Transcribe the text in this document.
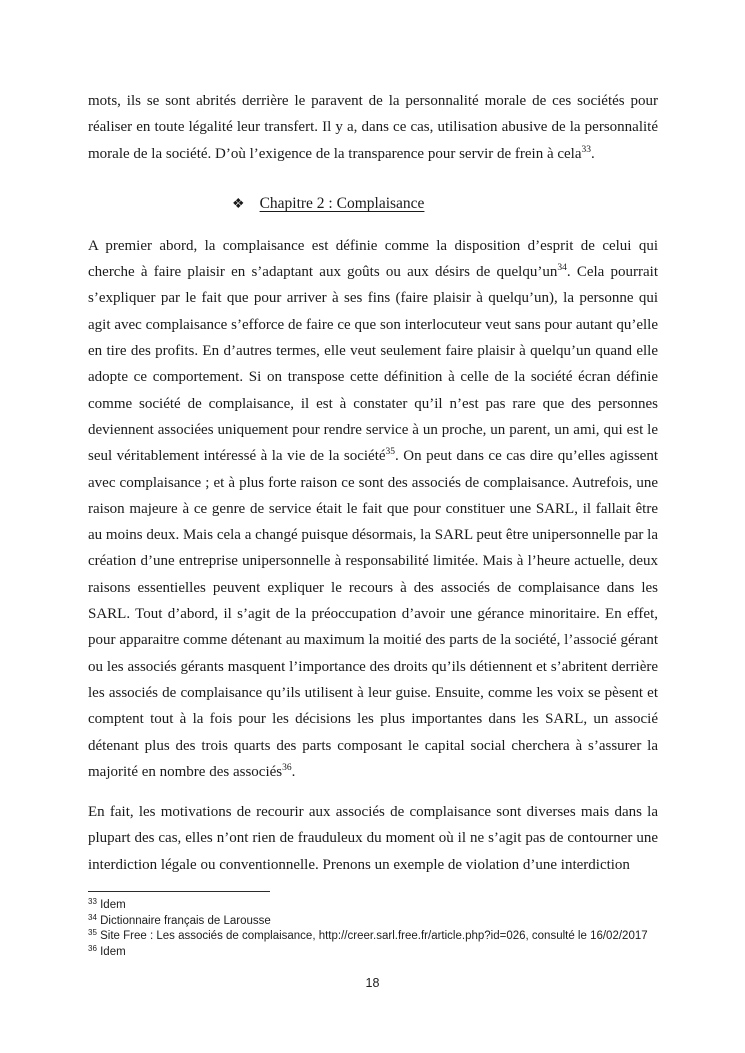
mots, ils se sont abrités derrière le paravent de la personnalité morale de ces sociétés pour réaliser en toute légalité leur transfert. Il y a, dans ce cas, utilisation abusive de la personnalité morale de la société. D’où l’exigence de la transparence pour servir de frein à cela$^{33}$.

❖ Chapitre 2 : Complaisance

A premier abord, la complaisance est définie comme la disposition d’esprit de celui qui cherche à faire plaisir en s’adaptant aux goûts ou aux désirs de $quelqu’un^{34}$. Cela pourrait s’expliquer par le fait que pour arriver à ses fins (faire plaisir à quelqu’un), la personne qui agit avec complaisance s’efforce de faire ce que son interlocuteur veut sans pour autant qu’elle en tire des profits. En d’autres termes, elle veut seulement faire plaisir à quelqu’un quand elle adopte ce comportement. Si on transpose cette définition à celle de la société écran définie comme société de complaisance, il est à constater qu’il n’est pas rare que des personnes deviennent associées uniquement pour rendre service à un proche, un parent, un ami, qui est le seul véritablement intéressé à la vie de la société$^{35}$. On peut dans ce cas dire qu’elles agissent avec complaisance ; et à plus forte raison ce sont des associés de complaisance. Autrefois, une raison majeure à ce genre de service était le fait que pour constituer une SARL, il fallait être au moins deux. Mais cela a changé puisque désormais, la SARL peut être unipersonnelle par la création d’une entreprise unipersonnelle à responsabilité limitée. Mais à l’heure actuelle, deux raisons essentielles peuvent expliquer le recours à des associés de complaisance dans les SARL. Tout d’abord, il s’agit de la préoccupation d’avoir une gérance minoritaire. En effet, pour apparaitre comme détenant au maximum la moitié des parts de la société, l’associé gérant ou les associés gérants masquent l’importance des droits qu’ils détiennent et s’abritent derrière les associés de complaisance qu’ils utilisent à leur guise. Ensuite, comme les voix se pèsent et comptent tout à la fois pour les décisions les plus importantes dans les SARL, un associé détenant plus des trois quarts des parts composant le capital social cherchera à s’assurer la majorité en nombre des associés$^{36}$.

En fait, les motivations de recourir aux associés de complaisance sont diverses mais dans la plupart des cas, elles n’ont rien de frauduleux du moment où il ne s’agit pas de contourner une interdiction légale ou conventionnelle. Prenons un exemple de violation d’une interdiction

$^{33}$ Idem
$^{34}$ Dictionnaire français de Larousse
$^{35}$ Site Free : Les associés de complaisance, http://creer.sarl.free.fr/article.php?id=026, consulté le 16/02/2017
$^{36}$ Idem
18
